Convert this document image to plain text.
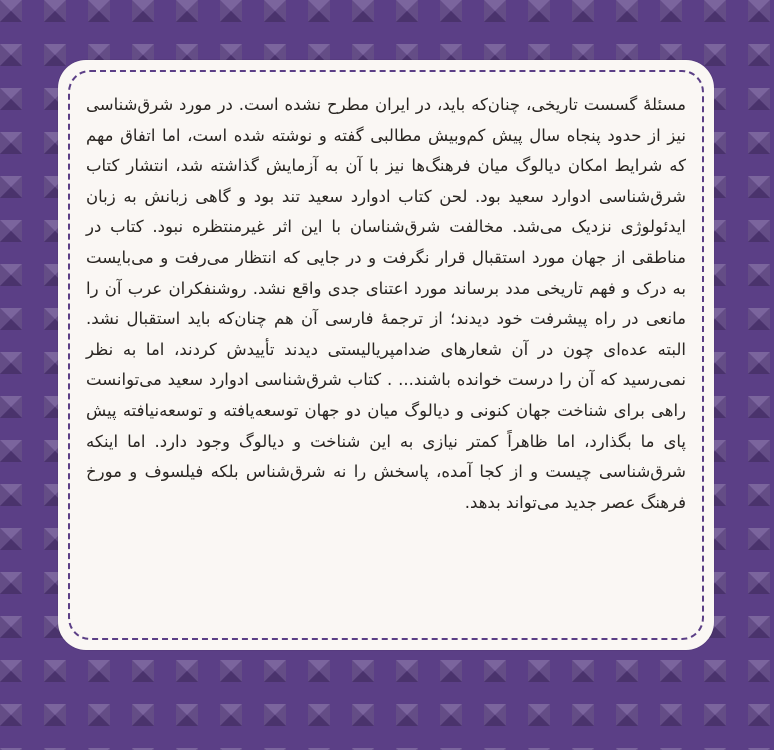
مسئلهٔ گسست تاریخی، چنان‌که باید، در ایران مطرح نشده است. در مورد شرق‌شناسی نیز از حدود پنجاه سال پیش کم‌وبیش مطالبی گفته و نوشته شده است، اما اتفاق مهم که شرایط امکان دیالوگ میان فرهنگ‌ها نیز با آن به آزمایش گذاشته شد، انتشار کتاب شرق‌شناسی ادوارد سعید بود. لحن کتاب ادوارد سعید تند بود و گاهی زبانش به زبان ایدئولوژی نزدیک می‌شد. مخالفت شرق‌شناسان با این اثر غیرمنتظره نبود. کتاب در مناطقی از جهان مورد استقبال قرار نگرفت و در جایی که انتظار می‌رفت و می‌بایست به درک و فهم تاریخی مدد برساند مورد اعتنای جدی واقع نشد. روشنفکران عرب آن را مانعی در راه پیشرفت خود دیدند؛ از ترجمهٔ فارسی آن هم چنان‌که باید استقبال نشد. البته عده‌ای چون در آن شعارهای ضدامپریالیستی دیدند تأییدش کردند، اما به نظر نمی‌رسید که آن را درست خوانده باشند... . کتاب شرق‌شناسی ادوارد سعید می‌توانست راهی برای شناخت جهان کنونی و دیالوگ میان دو جهان توسعه‌یافته و توسعه‌نیافته پیش پای ما بگذارد، اما ظاهراً کمتر نیازی به این شناخت و دیالوگ وجود دارد. اما اینکه شرق‌شناسی چیست و از کجا آمده، پاسخش را نه شرق‌شناس بلکه فیلسوف و مورخ فرهنگ عصر جدید می‌تواند بدهد.
